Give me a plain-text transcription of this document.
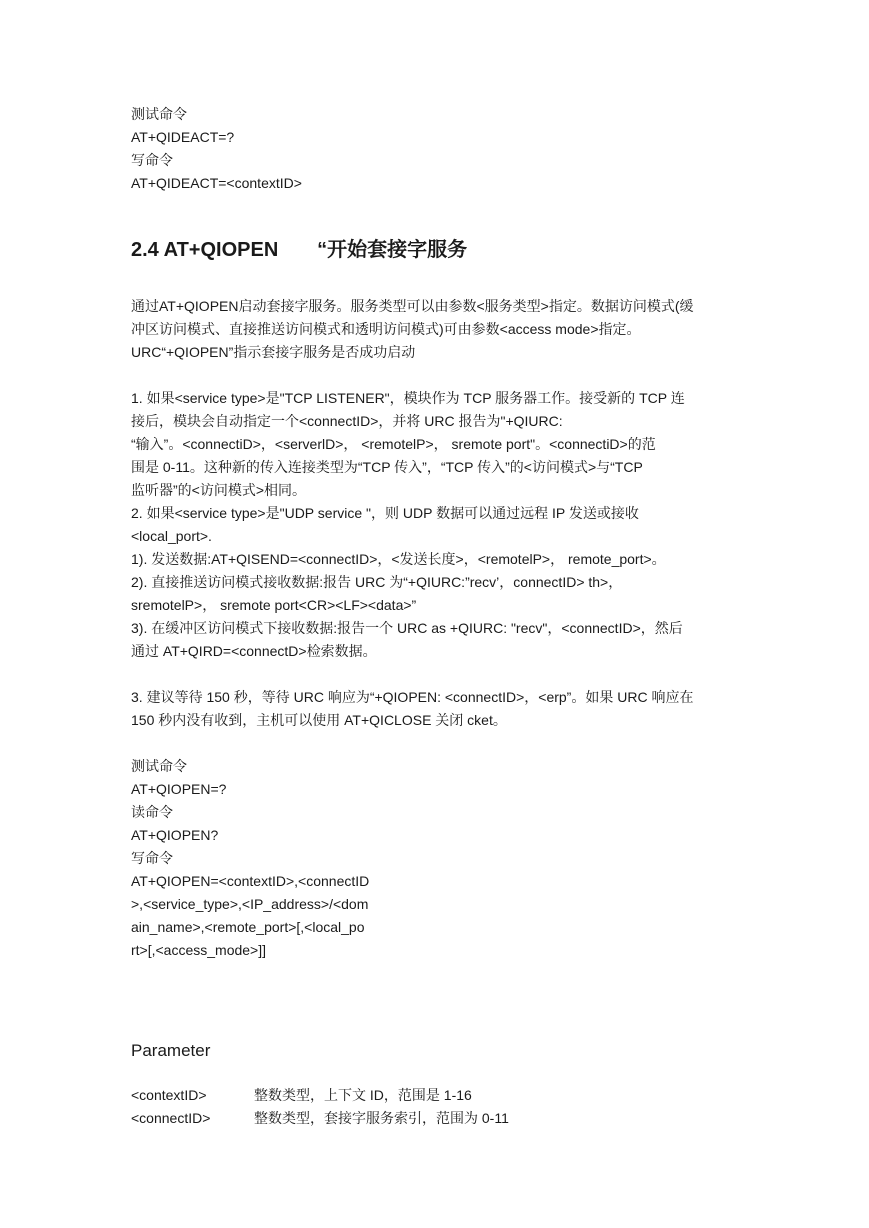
测试命令
AT+QIDEACT=?
写命令
AT+QIDEACT=<contextID>
2.4 AT+QIOPEN       “开始套接字服务
通过AT+QIOPEN启动套接字服务。服务类型可以由参数<服务类型>指定。数据访问模式(缓
冲区访问模式、直接推送访问模式和透明访问模式)可由参数<access mode>指定。
URC“+QIOPEN”指示套接字服务是否成功启动
1. 如果<service type>是"TCP LISTENER"，模块作为 TCP 服务器工作。接受新的 TCP 连
接后，模块会自动指定一个<connectID>，并将 URC 报告为"+QIURC:
“输入”。<connectiD>，<serverlD>， <remotelP>， sremote port"。<connectiD>的范
围是 0-11。这种新的传入连接类型为“TCP 传入”，“TCP 传入”的<访问模式>与“TCP
监听器”的<访问模式>相同。
2. 如果<service type>是"UDP service "，则 UDP 数据可以通过远程 IP 发送或接收
<local_port>.
1). 发送数据:AT+QISEND=<connectID>，<发送长度>，<remotelP>， remote_port>。
2). 直接推送访问模式接收数据:报告 URC 为“+QIURC:”recv’，connectID> th>，
sremotelP>， sremote port<CR><LF><data>”
3). 在缓冲区访问模式下接收数据:报告一个 URC as +QIURC: "recv"，<connectID>，然后
通过 AT+QIRD=<connectD>检索数据。
3. 建议等待 150 秒，等待 URC 响应为“+QIOPEN: <connectID>，<erp”。如果 URC 响应在
150 秒内没有收到，主机可以使用 AT+QICLOSE 关闭 cket。
测试命令
AT+QIOPEN=?
读命令
AT+QIOPEN?
写命令
AT+QIOPEN=<contextID>,<connectID
>,<service_type>,<IP_address>/<dom
ain_name>,<remote_port>[,<local_po
rt>[,<access_mode>]]
Parameter
<contextID>	整数类型，上下文 ID，范围是 1-16
<connectID>	整数类型，套接字服务索引，范围为 0-11
